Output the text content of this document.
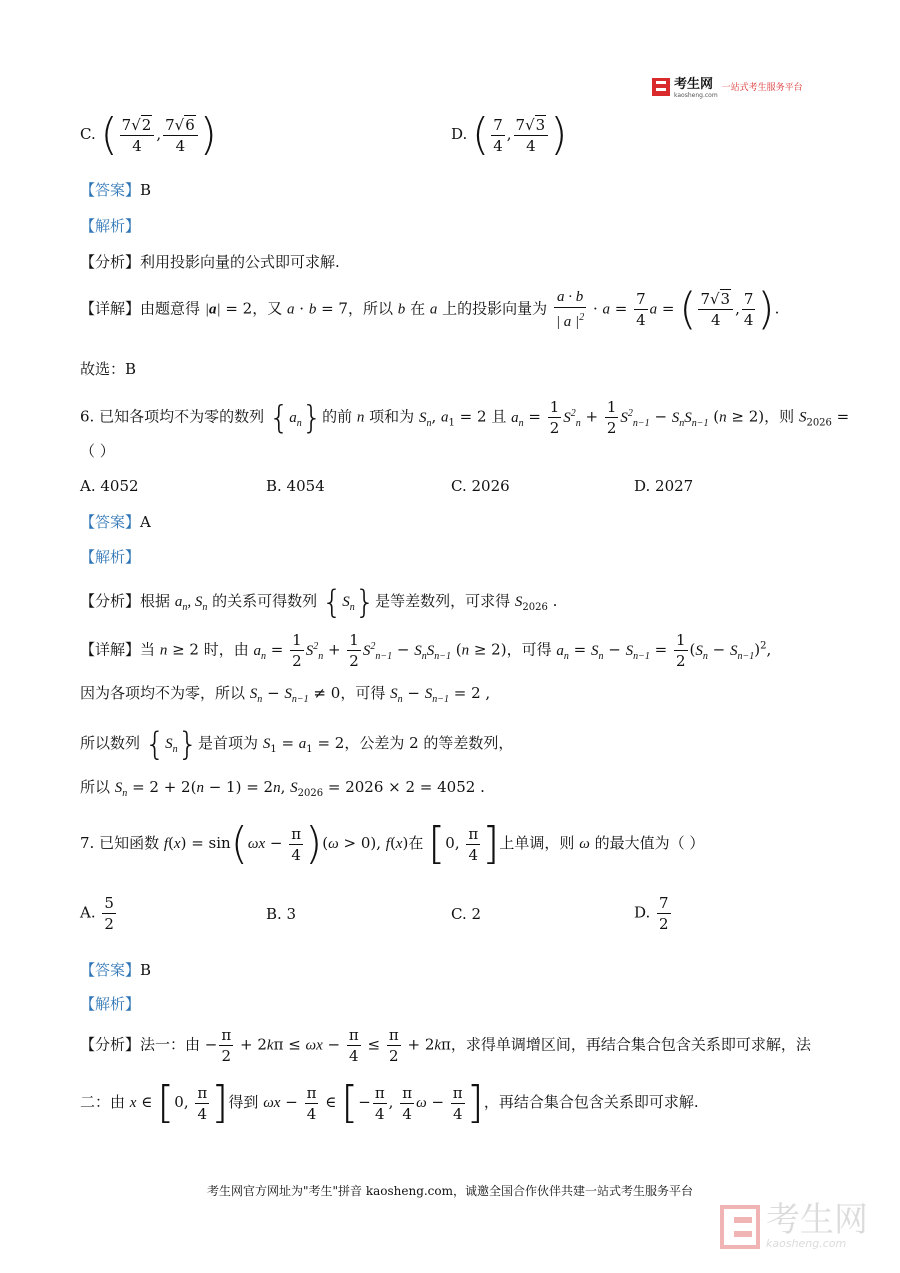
考生网
kaosheng.com
一站式考生服务平台
C. ( $\frac{7√2}{4}$ , $\frac{7√6}{4}$ )	D. ( $\frac{7}{4}$ , $\frac{7√3}{4}$ )
【答案】B
【解析】
【分析】利用投影向量的公式即可求解.
【详解】由题意得 |a| = 2，又 a · b = 7，所以 b 在 a 上的投影向量为 $\frac{a \cdot b}{| a |^2} \cdot a = \frac{7}{4}$ a = ( $\frac{7√3}{4}$ , $\frac{7}{4}$ ).
故选：B
6. 已知各项均不为零的数列 $\{a_n\}$的前 n 项和为 $S_n$, $a_1 = 2$ 且 $a_n = \frac{1}{2} S^2_n + \frac{1}{2} S^2_{n-1} - S_nS_{n-1}$ (n ≥ 2)，则 $S_{2026}$ =
（ ）
A. 4052	B. 4054	C. 2026	D. 2027
【答案】A
【解析】
【分析】根据 $a_n$, $S_n$ 的关系可得数列 $\{S_n\}$是等差数列，可求得 $S_{2026}$ .
【详解】当 n ≥ 2 时，由 $a_n = \frac{1}{2} S^2_n + \frac{1}{2} S^2_{n-1} - S_nS_{n-1}$ (n ≥ 2)，可得 $a_n = S_n - S_{n-1} = \frac{1}{2} (S_n - S_{n-1})^2$,
因为各项均不为零，所以 $S_n - S_{n-1} \ne 0$，可得 $S_n - S_{n-1} = 2$ ,
所以数列 $\{S_n\}$是首项为 $S_1 = a_1 = 2$，公差为 2 的等差数列，
所以 $S_n = 2 + 2(n - 1) = 2n$, $S_{2026} = 2026 \times 2 = 4052$ .
7. 已知函数 $f(x) = \sin(\omega x - \frac{\pi}{4} )(\omega > 0)$, f(x)在 [0, $\frac{\pi}{4}$ ]上单调，则 ω 的最大值为（ ）
A. $\frac{5}{2}$	B. 3	C. 2	D. $\frac{7}{2}$
【答案】B
【解析】
【分析】法一：由 − $\frac{\pi}{2} + 2k\pi \le \omega x - \frac{\pi}{4} \le \frac{\pi}{2} + 2k\pi$，求得单调增区间，再结合集合包含关系即可求解，法
二：由 x ∈ [0, $\frac{\pi}{4}$ ]得到 $\omega x - \frac{\pi}{4}$ ∈ [− $\frac{\pi}{4}$ , $\frac{\pi}{4}$ $\omega - \frac{\pi}{4}$ ]，再结合集合包含关系即可求解.
考生网官方网址为"考生"拼音 kaosheng.com，诚邀全国合作伙伴共建一站式考生服务平台
考生网
kaosheng.com
